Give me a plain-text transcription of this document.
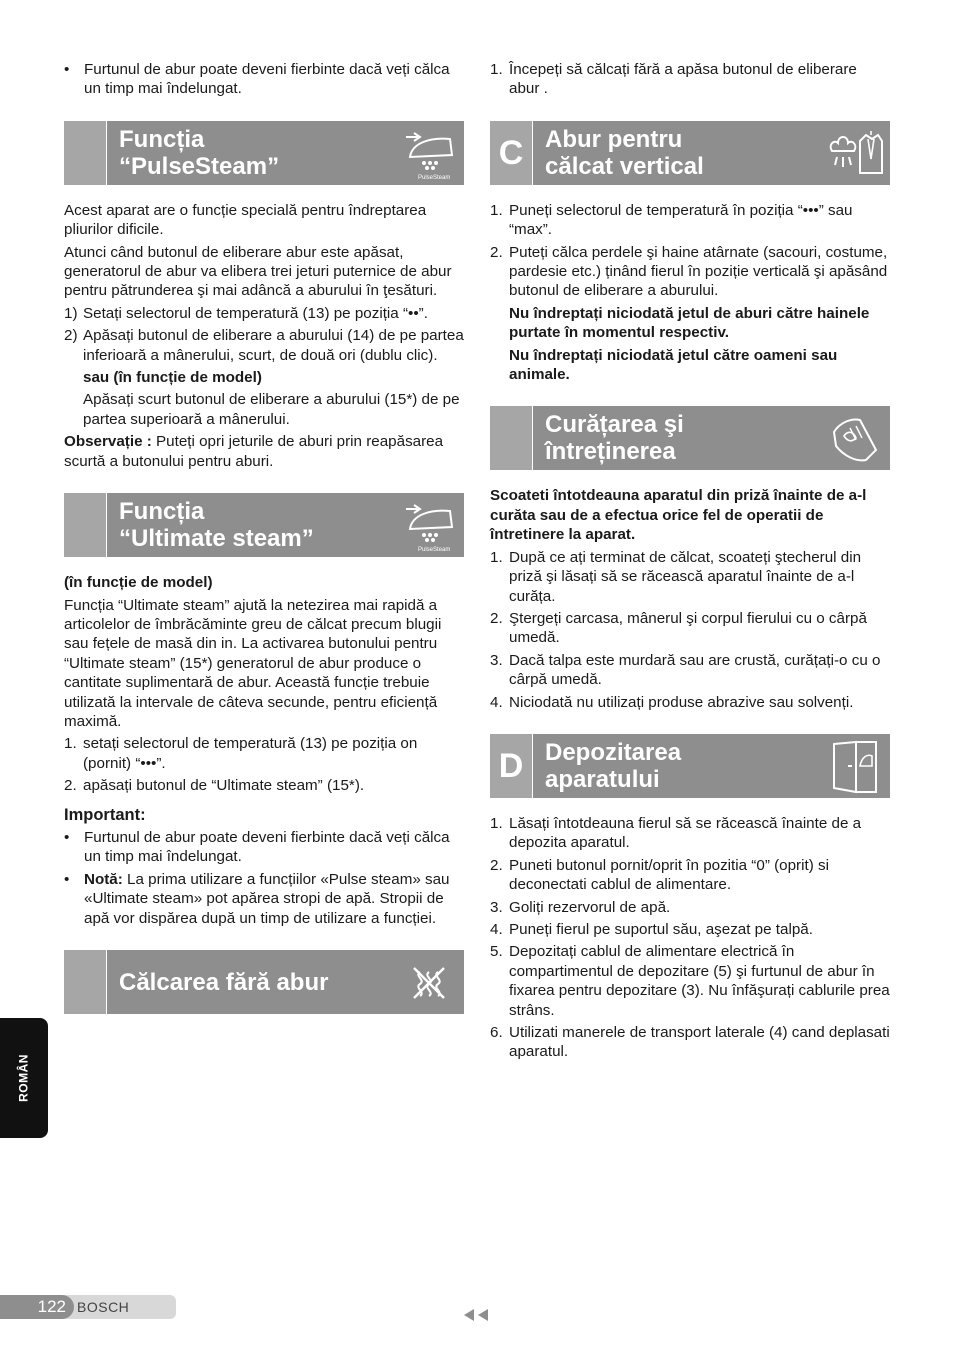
• Furtunul de abur poate deveni fierbinte dacă veți călca un timp mai îndelungat.
Funcția
“PulseSteam”	PulseSteam

Acest aparat are o funcție specială pentru îndreptarea pliurilor dificile.

Atunci când butonul de eliberare abur este apăsat, generatorul de abur va elibera trei jeturi puternice de abur pentru pătrunderea şi mai adâncă a aburului în ţesături.

1) Setați selectorul de temperatură (13) pe poziția “••”.
2) Apăsați butonul de eliberare a aburului (14) de pe partea inferioară a mânerului, scurt, de două ori (dublu clic).

sau (în funcție de model)

Apăsați scurt butonul de eliberare a aburului (15*) de pe partea superioară a mânerului.

Observație : Puteți opri jeturile de aburi prin reapăsarea scurtă a butonului pentru aburi.

Funcția
“Ultimate steam”	PulseSteam

(în funcție de model)

Funcția “Ultimate steam” ajută la netezirea mai rapidă a articolelor de îmbrăcăminte greu de călcat precum blugii sau fețele de masă din in. La activarea butonului pentru “Ultimate steam” (15*) generatorul de abur produce o cantitate suplimentară de abur. Această funcție trebuie utilizată la intervale de câteva secunde, pentru eficiență maximă.

1. setați selectorul de temperatură (13) pe poziția on (pornit) “•••”.
2. apăsați butonul de “Ultimate steam” (15*).

Important:

• Furtunul de abur poate deveni fierbinte dacă veți călca un timp mai îndelungat.
• Notă: La prima utilizare a funcțiilor «Pulse steam» sau «Ultimate steam» pot apărea stropi de apă. Stropii de apă vor dispărea după un timp de utilizare a funcției.
Călcarea fără abur
1. Începeți să călcați fără a apăsa butonul de eliberare abur .
C Abur pentru
călcat vertical
1. Puneți selectorul de temperatură în poziția “•••” sau “max”.
2. Puteți călca perdele şi haine atârnate (sacouri, costume, pardesie etc.) ținând fierul în poziție verticală şi apăsând butonul de eliberare a aburului.

Nu îndreptați niciodată jetul de aburi către hainele purtate în momentul respectiv.

Nu îndreptați niciodată jetul către oameni sau animale.

Curățarea şi
întreținerea

Scoateti întotdeauna aparatul din priză înainte de a-l curăta sau de a efectua orice fel de operatii de întretinere la aparat.

1. După ce ați terminat de călcat, scoateți ştecherul din priză şi lăsați să se răcească aparatul înainte de a-l curăța.
2. Ştergeți carcasa, mânerul şi corpul fierului cu o cârpă umedă.
3. Dacă talpa este murdară sau are crustă, curățați-o cu o cârpă umedă.
4. Niciodată nu utilizați produse abrazive sau solvenți.
D Depozitarea
aparatului
1. Lăsați întotdeauna fierul să se răcească înainte de a depozita aparatul.
2. Puneti butonul pornit/oprit în pozitia “0” (oprit) si deconectati cablul de alimentare.
3. Goliți rezervorul de apă.
4. Puneți fierul pe suportul său, aşezat pe talpă.
5. Depozitați cablul de alimentare electrică în compartimentul de depozitare (5) şi furtunul de abur în fixarea pentru depozitare (3). Nu înfăşurați cablurile prea strâns.
6. Utilizati manerele de transport laterale (4) cand deplasati aparatul.
ROMÂN
122 BOSCH
